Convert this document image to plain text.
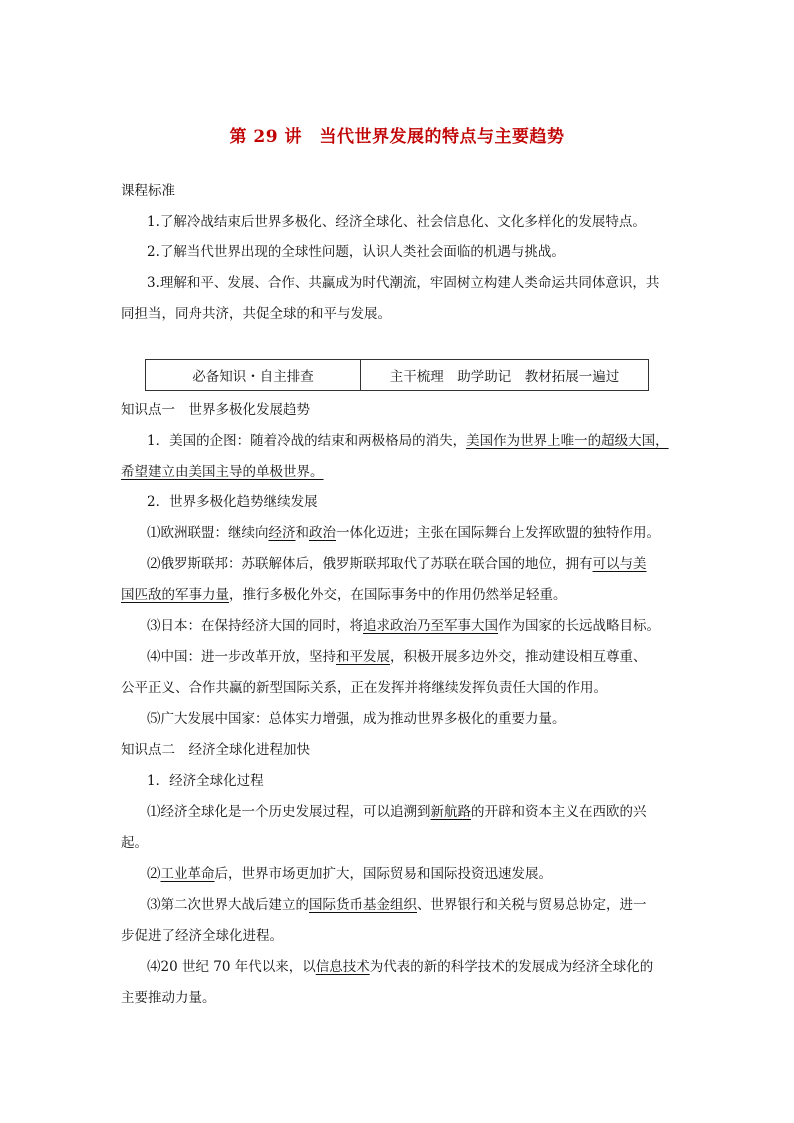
第 29 讲　当代世界发展的特点与主要趋势
课程标准
1.了解冷战结束后世界多极化、经济全球化、社会信息化、文化多样化的发展特点。
2.了解当代世界出现的全球性问题，认识人类社会面临的机遇与挑战。
3.理解和平、发展、合作、共赢成为时代潮流，牢固树立构建人类命运共同体意识，共
同担当，同舟共济，共促全球的和平与发展。
必备知识・自主排查	主干梳理　助学助记　教材拓展一遍过
知识点一　世界多极化发展趋势
1．美国的企图：随着冷战的结束和两极格局的消失，美国作为世界上唯一的超级大国，
希望建立由美国主导的单极世界。
2．世界多极化趋势继续发展
⑴欧洲联盟：继续向经济和政治一体化迈进；主张在国际舞台上发挥欧盟的独特作用。
⑵俄罗斯联邦：苏联解体后，俄罗斯联邦取代了苏联在联合国的地位，拥有可以与美
国匹敌的军事力量，推行多极化外交，在国际事务中的作用仍然举足轻重。
⑶日本：在保持经济大国的同时，将追求政治乃至军事大国作为国家的长远战略目标。
⑷中国：进一步改革开放，坚持和平发展，积极开展多边外交，推动建设相互尊重、
公平正义、合作共赢的新型国际关系，正在发挥并将继续发挥负责任大国的作用。
⑸广大发展中国家：总体实力增强，成为推动世界多极化的重要力量。
知识点二　经济全球化进程加快
1．经济全球化过程
⑴经济全球化是一个历史发展过程，可以追溯到新航路的开辟和资本主义在西欧的兴
起。
⑵工业革命后，世界市场更加扩大，国际贸易和国际投资迅速发展。
⑶第二次世界大战后建立的国际货币基金组织、世界银行和关税与贸易总协定，进一
步促进了经济全球化进程。
⑷20 世纪 70 年代以来，以信息技术为代表的新的科学技术的发展成为经济全球化的
主要推动力量。
